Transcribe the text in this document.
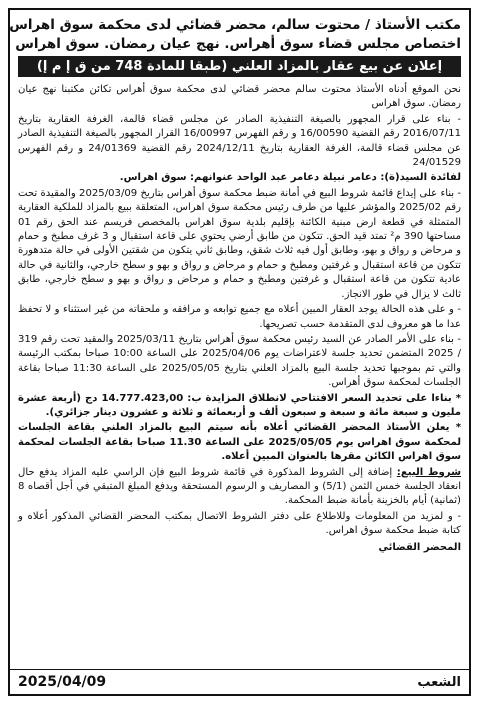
مكتب الأستاذ / محتوت سالم، محضر قضائي لدى محكمة سوق اهراس
اختصاص مجلس قضاء سوق أهراس. نهج عيان رمضان. سوق اهراس
إعلان عن بيع عقار بالمزاد العلني (طبقا للمادة 748 من ق إ م إ)

نحن الموقع أدناه الأستاذ محتوت سالم محضر قضائي لدى محكمة سوق أهراس تكائن مكتبنا نهج عيان رمضان. سوق اهراس

- بناء على قرار المجهور بالصيغة التنفيذية الصادر عن مجلس قضاء قالمة، الغرفة العقارية بتاريخ 2016/07/11 رقم القضية 16/00590 و رقم الفهرس 16/00997 القرار المجهور بالصيغة التنفيذية الصادر عن مجلس قضاء قالمة، الغرفة العقارية بتاريخ 2024/12/11 رقم القضية 24/01369 و رقم الفهرس 24/01529

لفائدة السيد(ة): دعامر نبيلة دعامر عبد الواحد عنوانهم: سوق اهراس.

- بناء على إيداع قائمة شروط البيع في أمانة ضبط محكمة سوق أهراس بتاريخ 2025/03/09 والمقيدة تحت رقم 2025/02 والمؤشر عليها من طرف رئيس محكمة سوق اهراس، المتعلقة ببيع بالمزاد للملكية العقارية المتمثلة في قطعة ارض مبنية الكائنة بإقليم بلدية سوق اهراس بالمخصص فريسم عند الحق رقم 01 مساحتها 390 م² تمتد قيد الحق. تتكون من طابق أرضي يحتوي على قاعة استقبال و 3 غرف مطبخ و حمام و مرحاض و رواق و بهو، وطابق أول فيه ثلاث شقق، وطابق ثاني يتكون من شقتين الأولى في حالة متدهورة تتكون من قاعة استقبال و غرفتين ومطبخ و حمام و مرحاض و رواق و بهو و سطح خارجي، والثانية في حالة عادية تتكون من قاعة استقبال و غرفتين ومطبخ و حمام و مرحاض و رواق و بهو و سطح خارجي، طابق ثالث لا يزال في طور الانجاز.

- و على هذه الحالة يوجد العقار المبين أعلاه مع جميع توابعه و مرافقه و ملحقاته من غير استثناء و لا تحفظ عدا ما هو معروف لدى المتقدمة حسب تصريحها.

- بناء على الأمر الصادر عن السيد رئيس محكمة سوق أهراس بتاريخ 2025/03/11 والمقيد تحت رقم 319 / 2025 المتضمن تحديد جلسة لاعتراضات يوم 2025/04/06 على الساعة 10:00 صباحا بمكتب الرئيسة والتي تم بموجبها تحديد جلسة البيع بالمزاد العلني بتاريخ 2025/05/05 على الساعة 11:30 صباحا بقاعة الجلسات لمحكمة سوق أهراس.

* بناءا على تحديد السعر الافتتاحي لانطلاق المزايدة ب: 14.777.423,00 دج (أربعة عشرة مليون و سبعة مائة و سبعة و سبعون ألف و أربعمائة و ثلاثة و عشرون دينار جزائري).

* يعلن الأستاذ المحضر القضائي أعلاه بأنه سيتم البيع بالمزاد العلني بقاعة الجلسات لمحكمة سوق اهراس يوم 2025/05/05 على الساعة 11.30 صباحا بقاعة الجلسات لمحكمة سوق اهراس الكائن مقرها بالعنوان المبين أعلاه.

شروط البيع: إضافة إلى الشروط المذكورة في قائمة شروط البيع فإن الراسي عليه المزاد يدفع حال انعقاد الجلسة خمس الثمن (5/1) و المصاريف و الرسوم المستحقة ويدفع المبلغ المتبقي في أجل أقصاه 8 (ثمانية) أيام بالخزينة بأمانة ضبط المحكمة.

- و لمزيد من المعلومات وللاطلاع على دفتر الشروط الاتصال بمكتب المحضر القضائي المذكور أعلاه و كتابة ضبط محكمة سوق اهراس.

المحضر القضائي
2025/04/09	الشعب
